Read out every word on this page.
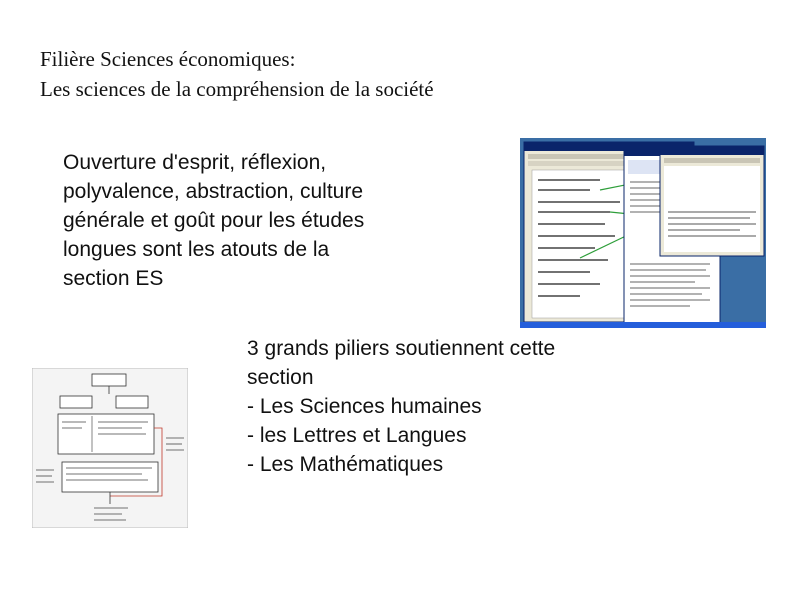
Filière Sciences économiques:
Les sciences de la compréhension de la société
Ouverture d'esprit, réflexion,
polyvalence, abstraction, culture
générale et goût pour les études
longues sont les atouts de la
section ES
3 grands piliers soutiennent cette
section
- Les Sciences humaines
- les Lettres et Langues
- Les Mathématiques
